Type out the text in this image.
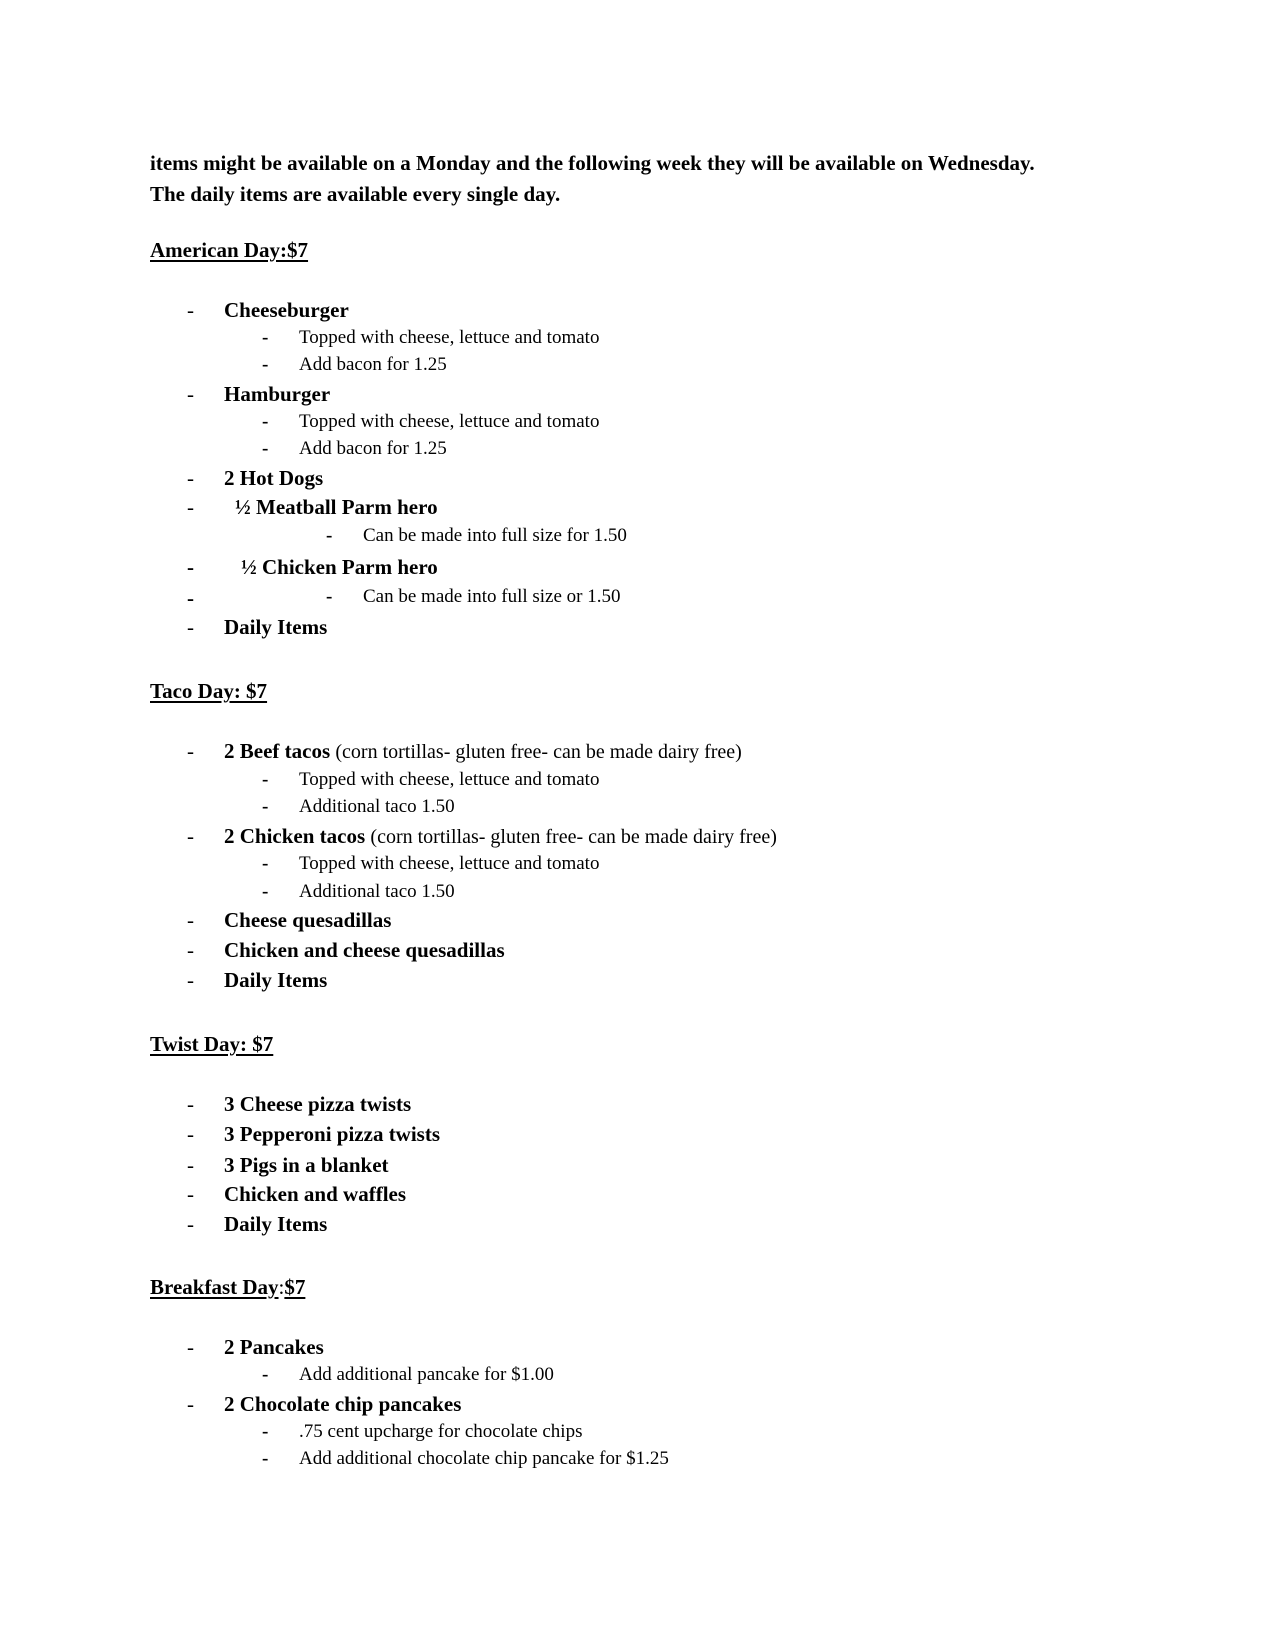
items might be available on a Monday and the following week they will be available on Wednesday.
The daily items are available every single day.
American Day:$7
- Cheeseburger
- Topped with cheese, lettuce and tomato
- Add bacon for 1.25
- Hamburger
- Topped with cheese, lettuce and tomato
- Add bacon for 1.25
- 2 Hot Dogs
- ½ Meatball Parm hero
- Can be made into full size for 1.50
- ½ Chicken Parm hero
-	- Can be made into full size or 1.50
- Daily Items
Taco Day: $7
- 2 Beef tacos (corn tortillas- gluten free- can be made dairy free)
- Topped with cheese, lettuce and tomato
- Additional taco 1.50
- 2 Chicken tacos (corn tortillas- gluten free- can be made dairy free)
- Topped with cheese, lettuce and tomato
- Additional taco 1.50
- Cheese quesadillas
- Chicken and cheese quesadillas
- Daily Items
Twist Day: $7
- 3 Cheese pizza twists
- 3 Pepperoni pizza twists
- 3 Pigs in a blanket
- Chicken and waffles
- Daily Items
Breakfast Day:$7
- 2 Pancakes
- Add additional pancake for $1.00
- 2 Chocolate chip pancakes
- .75 cent upcharge for chocolate chips
- Add additional chocolate chip pancake for $1.25
